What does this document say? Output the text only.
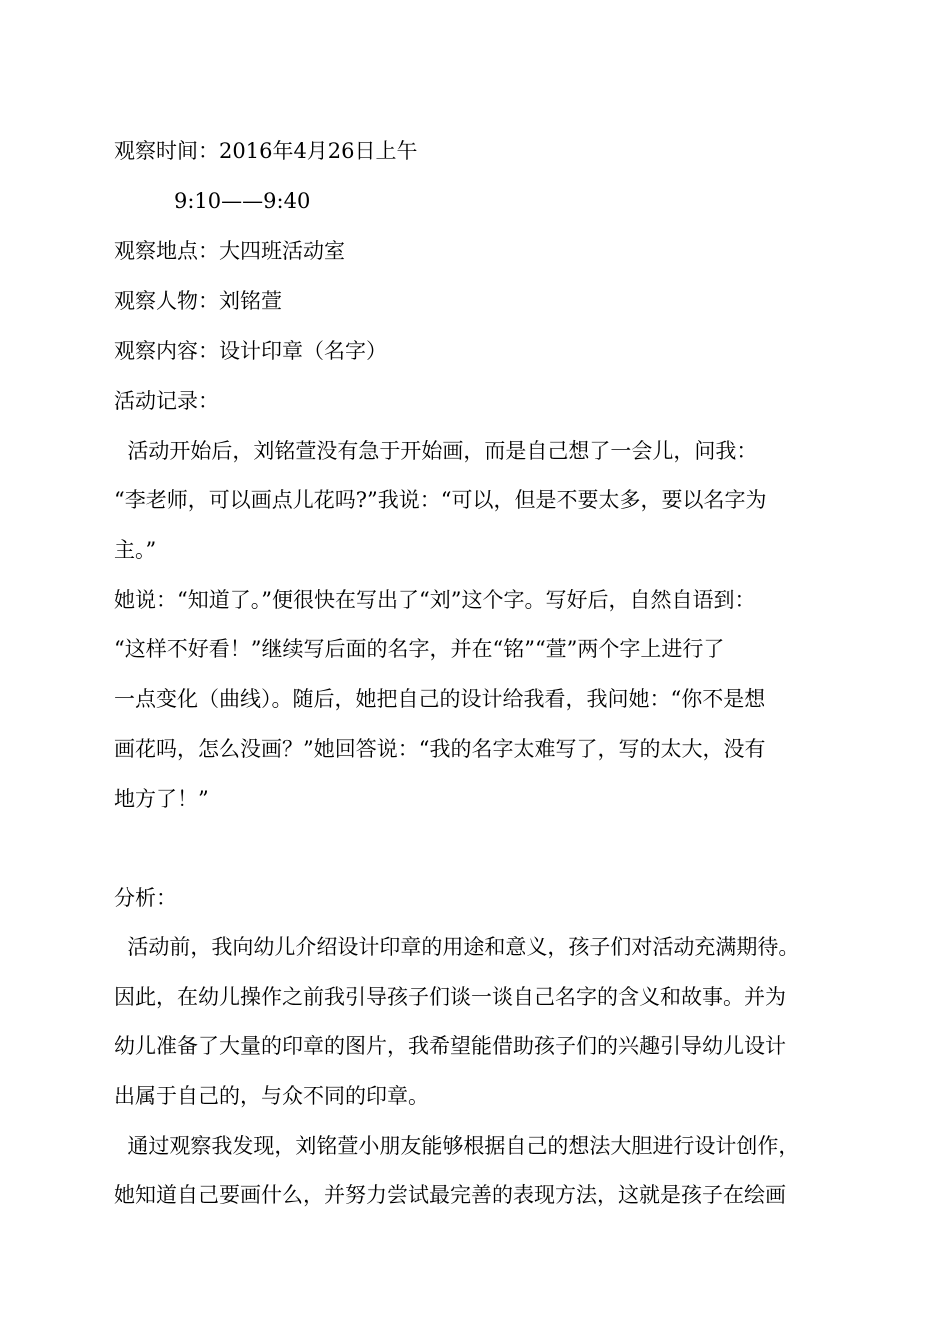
观察时间：2016年4月26日上午
9:10——9:40
观察地点：大四班活动室
观察人物：刘铭萱
观察内容：设计印章（名字）
活动记录：
活动开始后，刘铭萱没有急于开始画，而是自己想了一会儿，问我：
“李老师，可以画点儿花吗?”我说：“可以，但是不要太多，要以名字为
主。”
她说：“知道了。”便很快在写出了“刘”这个字。写好后，自然自语到：
“这样不好看！”继续写后面的名字，并在“铭”“萱”两个字上进行了
一点变化（曲线）。随后，她把自己的设计给我看，我问她：“你不是想
画花吗，怎么没画？”她回答说：“我的名字太难写了，写的太大，没有
地方了！”
分析：
活动前，我向幼儿介绍设计印章的用途和意义，孩子们对活动充满期待。
因此，在幼儿操作之前我引导孩子们谈一谈自己名字的含义和故事。并为
幼儿准备了大量的印章的图片，我希望能借助孩子们的兴趣引导幼儿设计
出属于自己的，与众不同的印章。
通过观察我发现，刘铭萱小朋友能够根据自己的想法大胆进行设计创作，
她知道自己要画什么，并努力尝试最完善的表现方法，这就是孩子在绘画
